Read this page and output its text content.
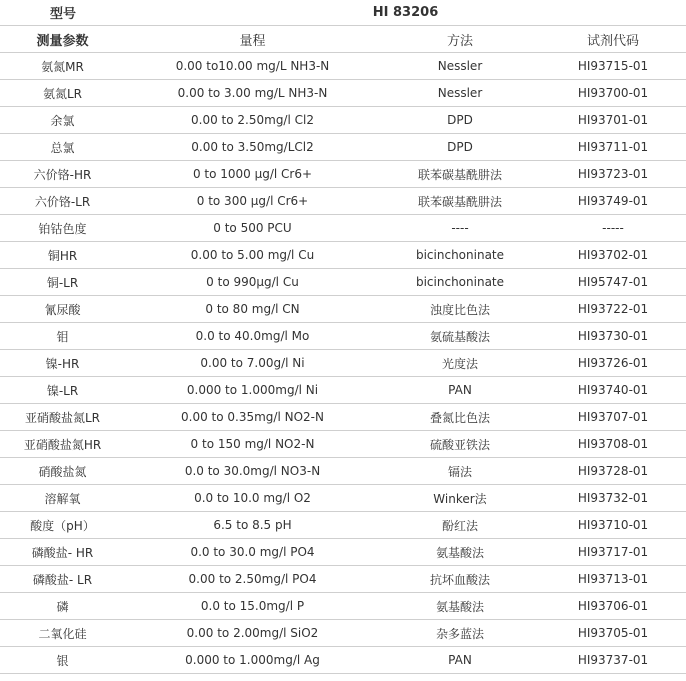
型号	HI 83206		
测量参数	量程	方法	试剂代码
氨氮MR	0.00 to10.00 mg/L NH3-N	Nessler	HI93715-01
氨氮LR	0.00 to 3.00 mg/L NH3-N	Nessler	HI93700-01
余氯	0.00 to 2.50mg/l Cl2	DPD	HI93701-01
总氯	0.00 to 3.50mg/LCl2	DPD	HI93711-01
六价铬-HR	0 to 1000 μg/l Cr6+	联苯碳基酰肼法	HI93723-01
六价铬-LR	0 to 300 μg/l Cr6+	联苯碳基酰肼法	HI93749-01
铂钴色度	0 to 500 PCU	----	-----
铜HR	0.00 to 5.00 mg/l Cu	bicinchoninate	HI93702-01
铜-LR	0 to 990μg/l Cu	bicinchoninate	HI95747-01
氰尿酸	0 to 80 mg/l CN	浊度比色法	HI93722-01
钼	0.0 to 40.0mg/l Mo	氨硫基酸法	HI93730-01
镍-HR	0.00 to 7.00g/l Ni	光度法	HI93726-01
镍-LR	0.000 to 1.000mg/l Ni	PAN	HI93740-01
亚硝酸盐氮LR	0.00 to 0.35mg/l NO2-N	叠氮比色法	HI93707-01
亚硝酸盐氮HR	0 to 150 mg/l NO2-N	硫酸亚铁法	HI93708-01
硝酸盐氮	0.0 to 30.0mg/l NO3-N	镉法	HI93728-01
溶解氧	0.0 to 10.0 mg/l O2	Winker法	HI93732-01
酸度（pH）	6.5 to 8.5 pH	酚红法	HI93710-01
磷酸盐- HR	0.0 to 30.0 mg/l PO4	氨基酸法	HI93717-01
磷酸盐- LR	0.00 to 2.50mg/l PO4	抗坏血酸法	HI93713-01
磷	0.0 to 15.0mg/l P	氨基酸法	HI93706-01
二氧化硅	0.00 to 2.00mg/l SiO2	杂多蓝法	HI93705-01
银	0.000 to 1.000mg/l Ag	PAN	HI93737-01
